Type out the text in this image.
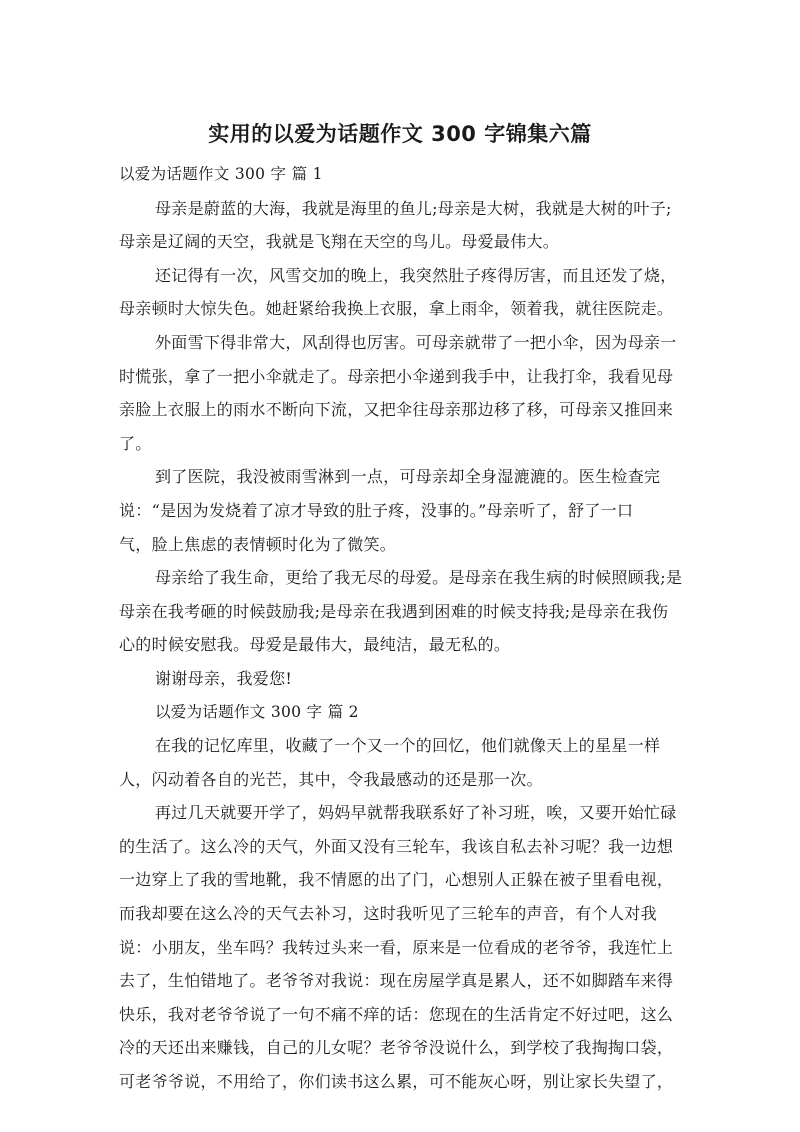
实用的以爱为话题作文 300 字锦集六篇
以爱为话题作文 300 字 篇 1
母亲是蔚蓝的大海，我就是海里的鱼儿;母亲是大树，我就是大树的叶子;
母亲是辽阔的天空，我就是飞翔在天空的鸟儿。母爱最伟大。
还记得有一次，风雪交加的晚上，我突然肚子疼得厉害，而且还发了烧，
母亲顿时大惊失色。她赶紧给我换上衣服，拿上雨伞，领着我，就往医院走。
外面雪下得非常大，风刮得也厉害。可母亲就带了一把小伞，因为母亲一
时慌张，拿了一把小伞就走了。母亲把小伞递到我手中，让我打伞，我看见母
亲脸上衣服上的雨水不断向下流，又把伞往母亲那边移了移，可母亲又推回来
了。
到了医院，我没被雨雪淋到一点，可母亲却全身湿漉漉的。医生检查完
说：“是因为发烧着了凉才导致的肚子疼，没事的。”母亲听了，舒了一口
气，脸上焦虑的表情顿时化为了微笑。
母亲给了我生命，更给了我无尽的母爱。是母亲在我生病的时候照顾我;是
母亲在我考砸的时候鼓励我;是母亲在我遇到困难的时候支持我;是母亲在我伤
心的时候安慰我。母爱是最伟大，最纯洁，最无私的。
谢谢母亲，我爱您!
以爱为话题作文 300 字 篇 2
在我的记忆库里，收藏了一个又一个的回忆，他们就像天上的星星一样
人，闪动着各自的光芒，其中，令我最感动的还是那一次。
再过几天就要开学了，妈妈早就帮我联系好了补习班，唉，又要开始忙碌
的生活了。这么冷的天气，外面又没有三轮车，我该自私去补习呢？我一边想
一边穿上了我的雪地靴，我不情愿的出了门，心想别人正躲在被子里看电视，
而我却要在这么冷的天气去补习，这时我听见了三轮车的声音，有个人对我
说：小朋友，坐车吗？我转过头来一看，原来是一位看成的老爷爷，我连忙上
去了，生怕错地了。老爷爷对我说：现在房屋学真是累人，还不如脚踏车来得
快乐，我对老爷爷说了一句不痛不痒的话：您现在的生活肯定不好过吧，这么
冷的天还出来赚钱，自己的儿女呢？老爷爷没说什么，到学校了我掏掏口袋，
可老爷爷说，不用给了，你们读书这么累，可不能灰心呀，别让家长失望了，
